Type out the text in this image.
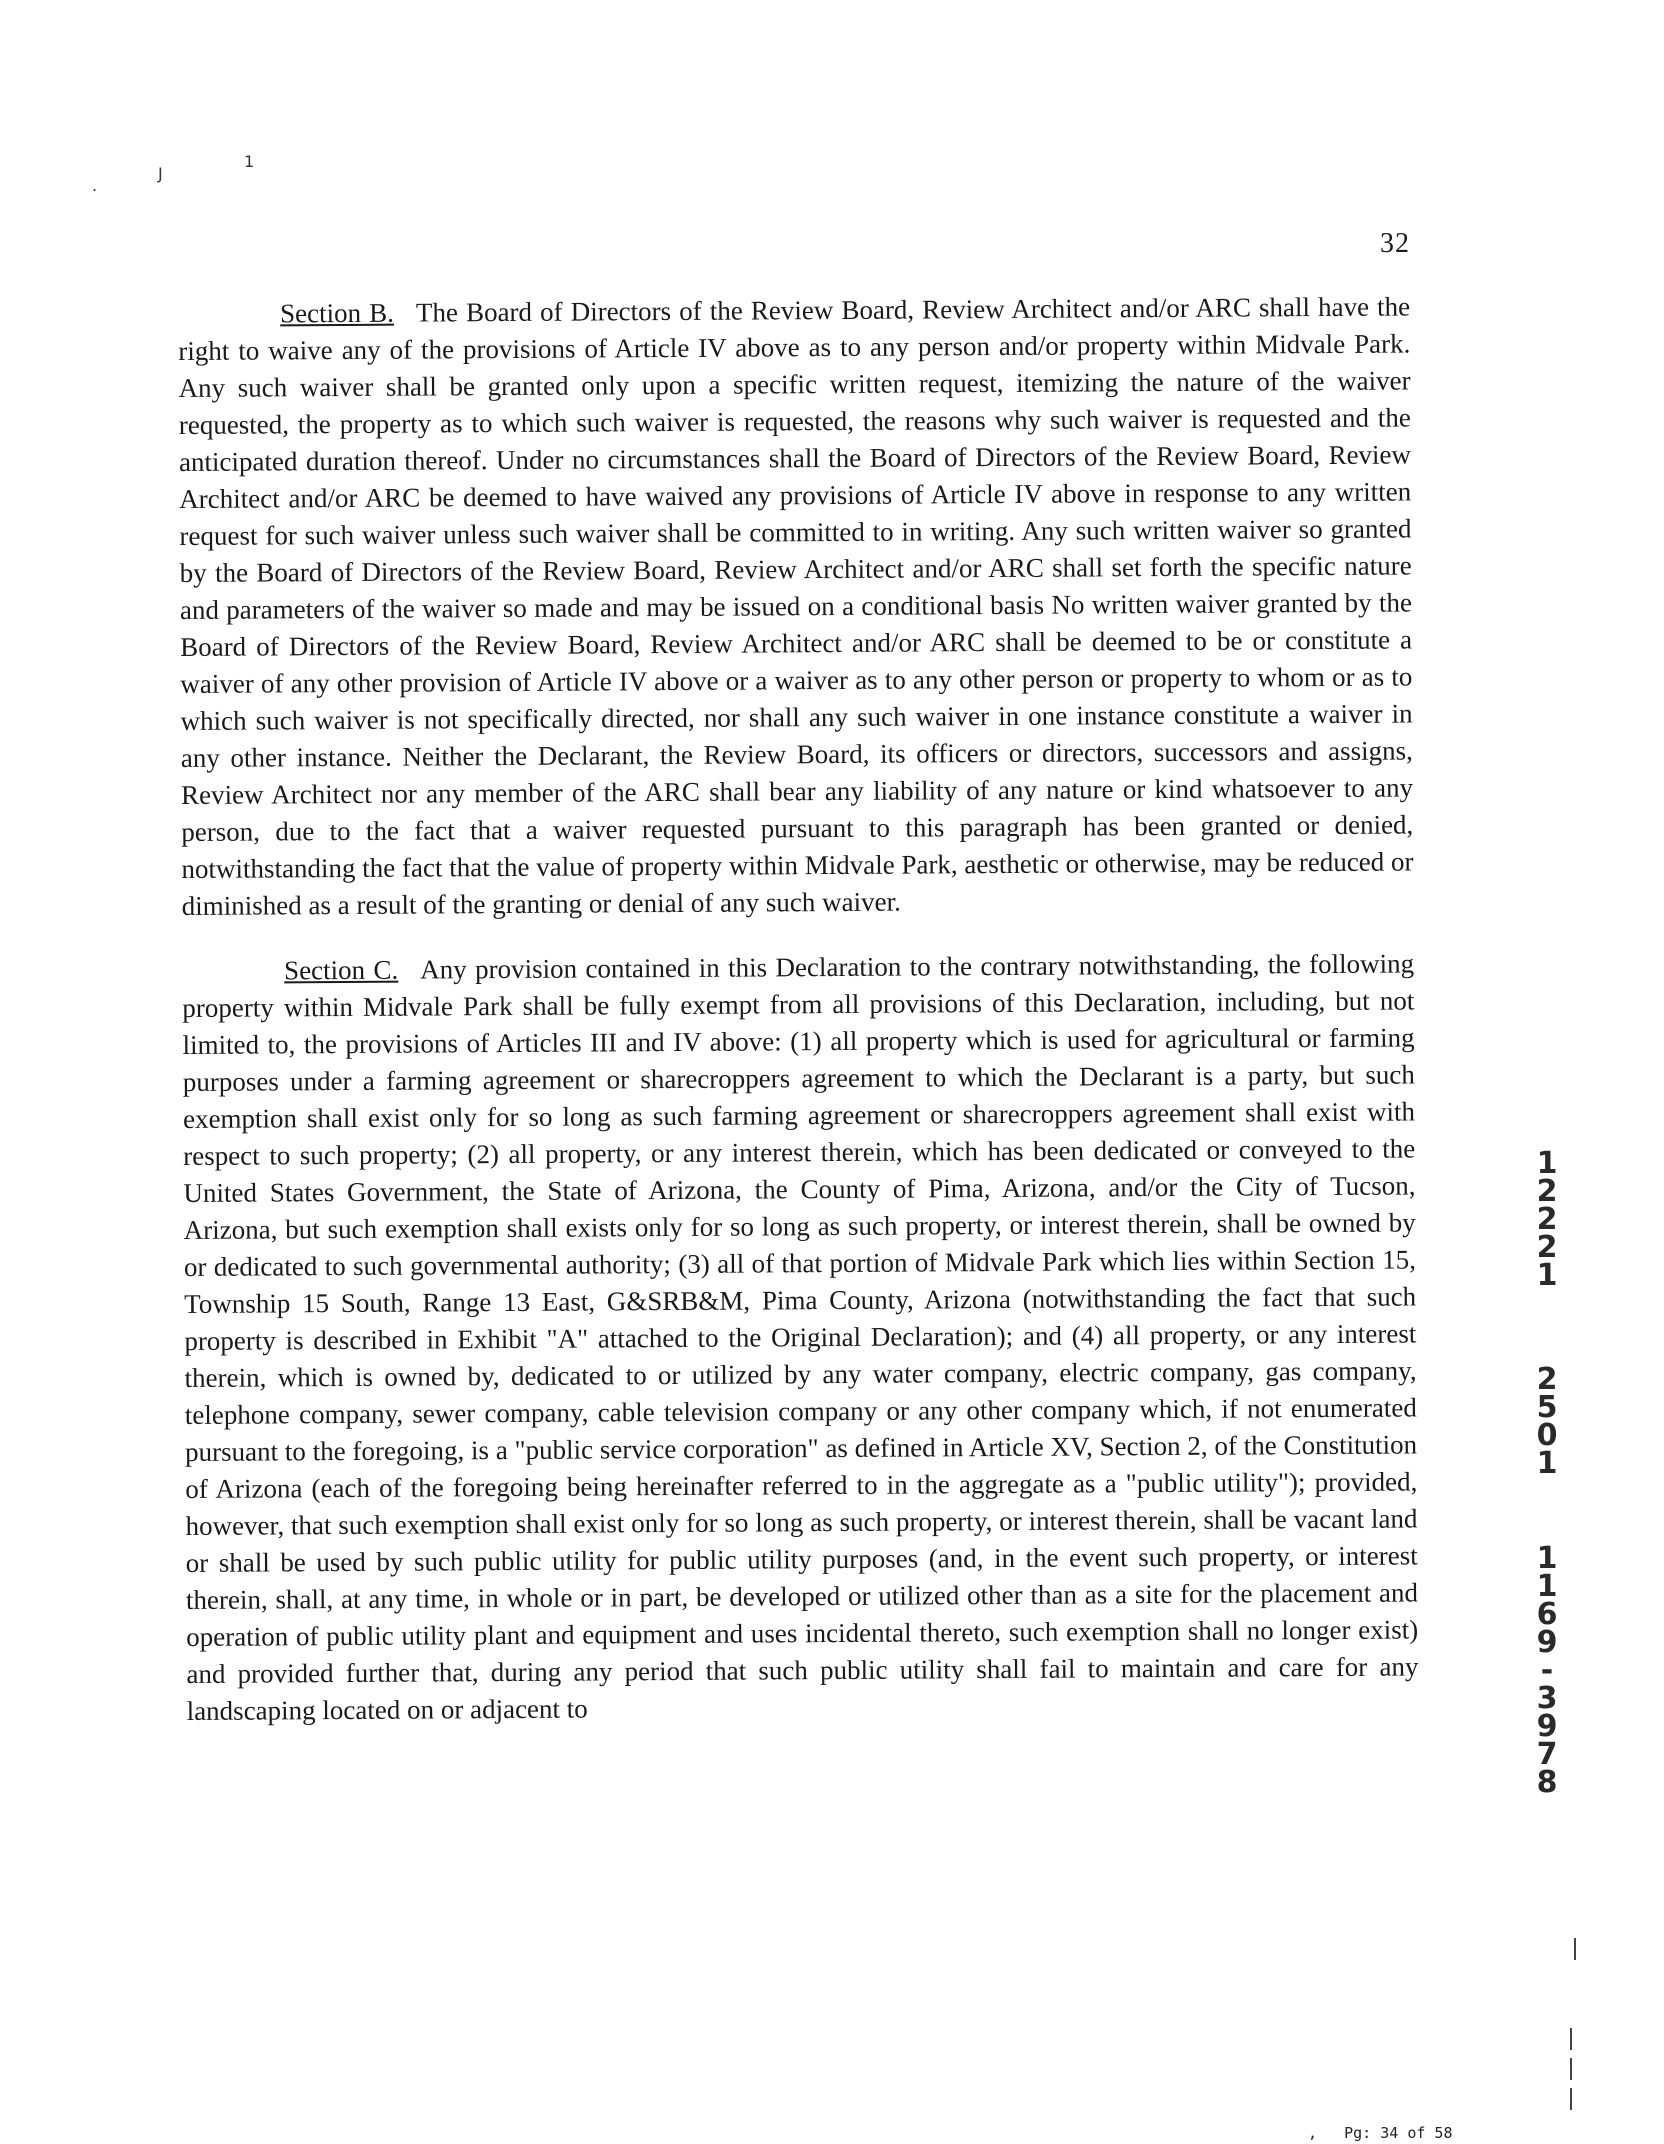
.
J
1
32

Section B. The Board of Directors of the Review Board, Review Architect and/or ARC shall have the right to waive any of the provisions of Article IV above as to any person and/or property within Midvale Park. Any such waiver shall be granted only upon a specific written request, itemizing the nature of the waiver requested, the property as to which such waiver is requested, the reasons why such waiver is requested and the anticipated duration thereof. Under no circumstances shall the Board of Directors of the Review Board, Review Architect and/or ARC be deemed to have waived any provisions of Article IV above in response to any written request for such waiver unless such waiver shall be committed to in writing. Any such written waiver so granted by the Board of Directors of the Review Board, Review Architect and/or ARC shall set forth the specific nature and parameters of the waiver so made and may be issued on a conditional basis No written waiver granted by the Board of Directors of the Review Board, Review Architect and/or ARC shall be deemed to be or constitute a waiver of any other provision of Article IV above or a waiver as to any other person or property to whom or as to which such waiver is not specifically directed, nor shall any such waiver in one instance constitute a waiver in any other instance. Neither the Declarant, the Review Board, its officers or directors, successors and assigns, Review Architect nor any member of the ARC shall bear any liability of any nature or kind whatsoever to any person, due to the fact that a waiver requested pursuant to this paragraph has been granted or denied, notwithstanding the fact that the value of property within Midvale Park, aesthetic or otherwise, may be reduced or diminished as a result of the granting or denial of any such waiver.

Section C. Any provision contained in this Declaration to the contrary notwithstanding, the following property within Midvale Park shall be fully exempt from all provisions of this Declaration, including, but not limited to, the provisions of Articles III and IV above: (1) all property which is used for agricultural or farming purposes under a farming agreement or sharecroppers agreement to which the Declarant is a party, but such exemption shall exist only for so long as such farming agreement or sharecroppers agreement shall exist with respect to such property; (2) all property, or any interest therein, which has been dedicated or conveyed to the United States Government, the State of Arizona, the County of Pima, Arizona, and/or the City of Tucson, Arizona, but such exemption shall exists only for so long as such property, or interest therein, shall be owned by or dedicated to such governmental authority; (3) all of that portion of Midvale Park which lies within Section 15, Township 15 South, Range 13 East, G&SRB&M, Pima County, Arizona (notwithstanding the fact that such property is described in Exhibit "A" attached to the Original Declaration); and (4) all property, or any interest therein, which is owned by, dedicated to or utilized by any water company, electric company, gas company, telephone company, sewer company, cable television company or any other company which, if not enumerated pursuant to the foregoing, is a "public service corporation" as defined in Article XV, Section 2, of the Constitution of Arizona (each of the foregoing being hereinafter referred to in the aggregate as a "public utility"); provided, however, that such exemption shall exist only for so long as such property, or interest therein, shall be vacant land or shall be used by such public utility for public utility purposes (and, in the event such property, or interest therein, shall, at any time, in whole or in part, be developed or utilized other than as a site for the placement and operation of public utility plant and equipment and uses incidental thereto, such exemption shall no longer exist) and provided further that, during any period that such public utility shall fail to maintain and care for any landscaping located on or adjacent to

1
2
2
2
1
2
5
0
1
1
1
6
9
-
3
9
7
8
,   Pg: 34 of 58
